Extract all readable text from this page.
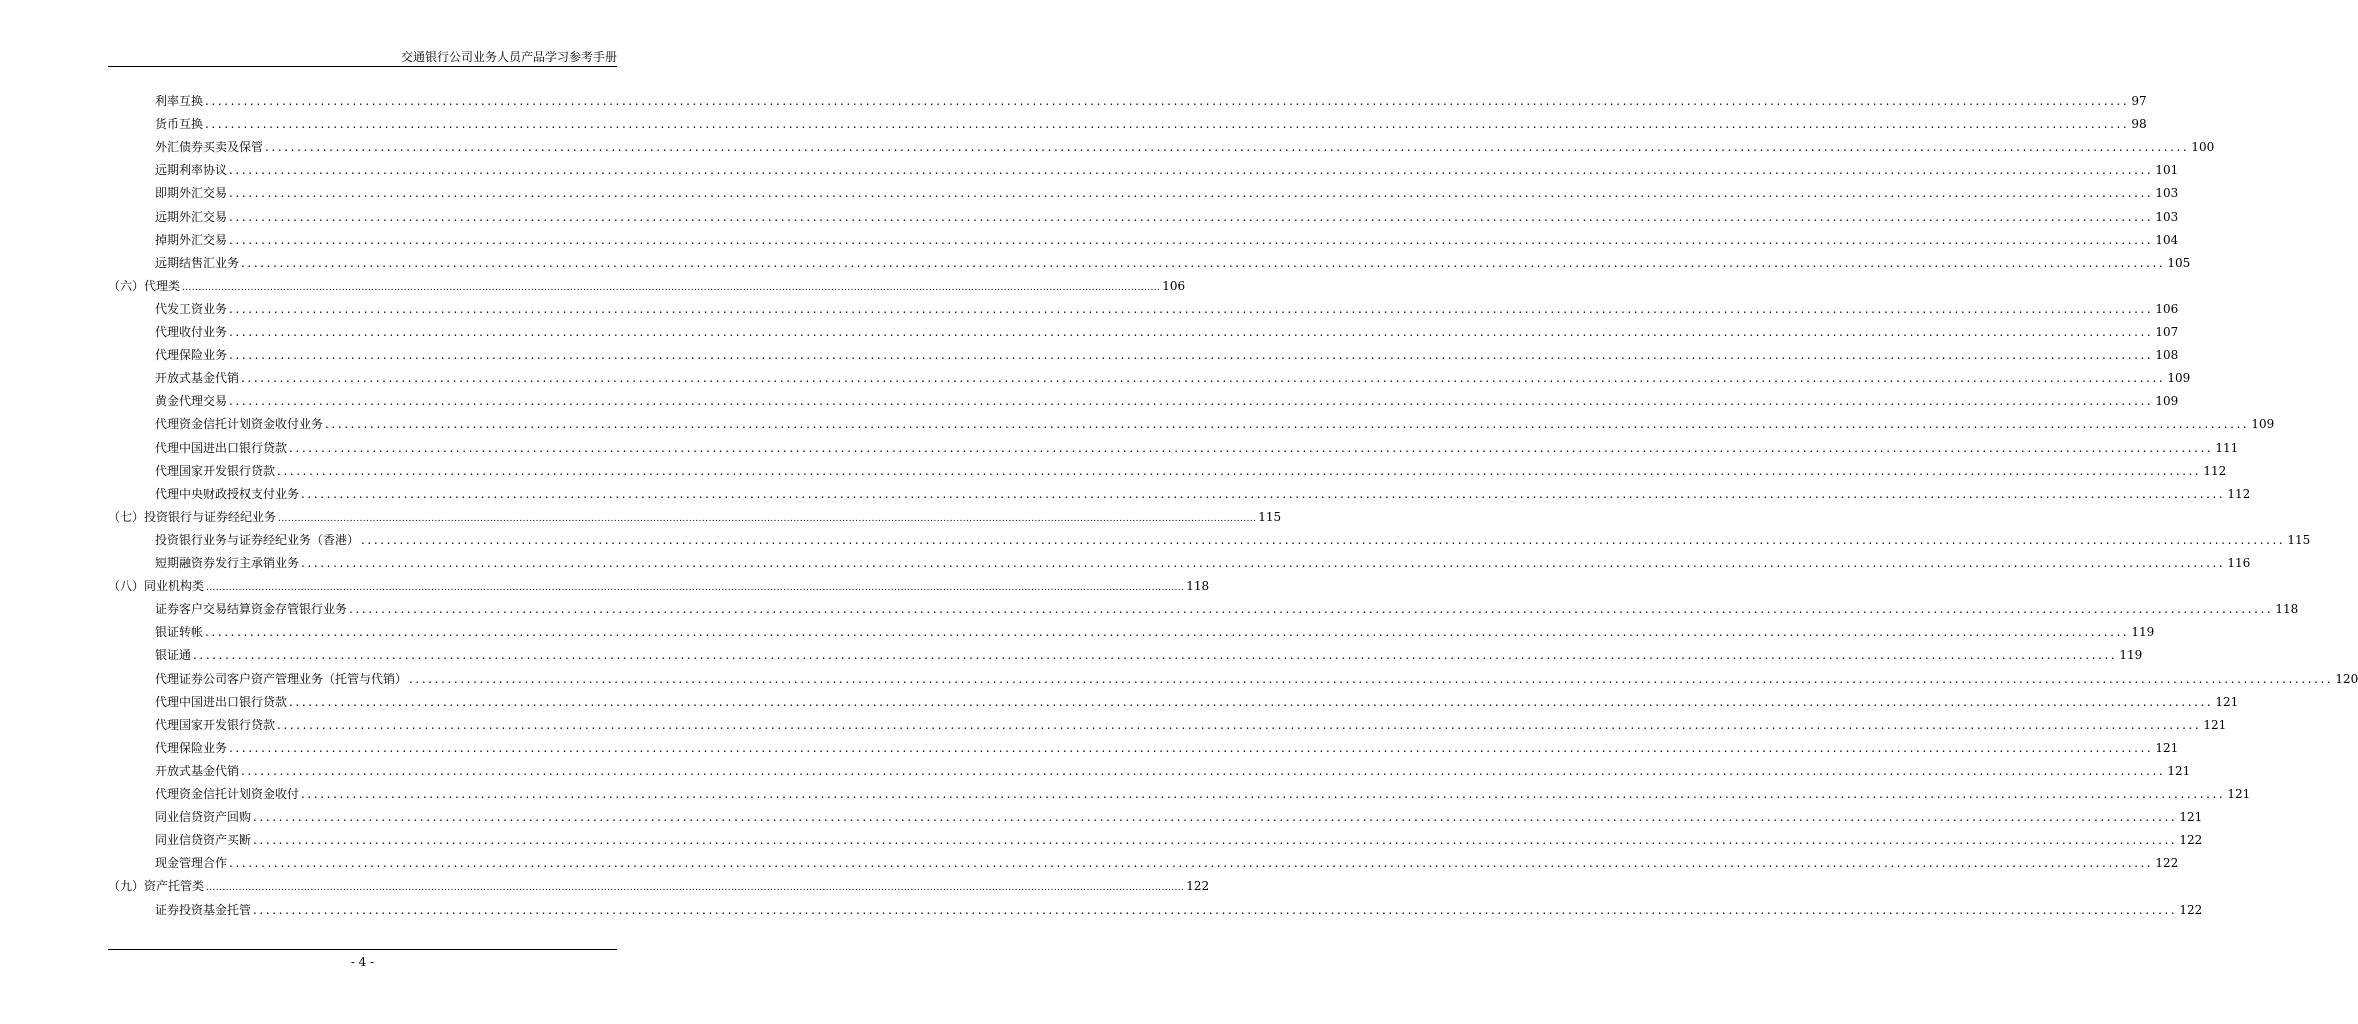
交通银行公司业务人员产品学习参考手册
利率互换 ............................................................................................................................................................................................................................................................................................................ 97
货币互换 ............................................................................................................................................................................................................................................................................................................ 98
外汇债券买卖及保管 ............................................................................................................................................................................................................................................................................................................ 100
远期利率协议 ............................................................................................................................................................................................................................................................................................................ 101
即期外汇交易 ............................................................................................................................................................................................................................................................................................................ 103
远期外汇交易 ............................................................................................................................................................................................................................................................................................................ 103
掉期外汇交易 ............................................................................................................................................................................................................................................................................................................ 104
远期结售汇业务 ............................................................................................................................................................................................................................................................................................................ 105
（六）代理类 ............................................................................................................................................................................................................................................................................................................ 106
代发工资业务 ............................................................................................................................................................................................................................................................................................................ 106
代理收付业务 ............................................................................................................................................................................................................................................................................................................ 107
代理保险业务 ............................................................................................................................................................................................................................................................................................................ 108
开放式基金代销 ............................................................................................................................................................................................................................................................................................................ 109
黄金代理交易 ............................................................................................................................................................................................................................................................................................................ 109
代理资金信托计划资金收付业务 ............................................................................................................................................................................................................................................................................................................ 109
代理中国进出口银行贷款 ............................................................................................................................................................................................................................................................................................................ 111
代理国家开发银行贷款 ............................................................................................................................................................................................................................................................................................................ 112
代理中央财政授权支付业务 ............................................................................................................................................................................................................................................................................................................ 112
（七）投资银行与证券经纪业务 ............................................................................................................................................................................................................................................................................................................ 115
投资银行业务与证券经纪业务（香港） ............................................................................................................................................................................................................................................................................................................ 115
短期融资券发行主承销业务 ............................................................................................................................................................................................................................................................................................................ 116
（八）同业机构类 ............................................................................................................................................................................................................................................................................................................ 118
证券客户交易结算资金存管银行业务 ............................................................................................................................................................................................................................................................................................................ 118
银证转帐 ............................................................................................................................................................................................................................................................................................................ 119
银证通 ............................................................................................................................................................................................................................................................................................................ 119
代理证券公司客户资产管理业务（托管与代销） ............................................................................................................................................................................................................................................................................................................ 120
代理中国进出口银行贷款 ............................................................................................................................................................................................................................................................................................................ 121
代理国家开发银行贷款 ............................................................................................................................................................................................................................................................................................................ 121
代理保险业务 ............................................................................................................................................................................................................................................................................................................ 121
开放式基金代销 ............................................................................................................................................................................................................................................................................................................ 121
代理资金信托计划资金收付 ............................................................................................................................................................................................................................................................................................................ 121
同业信贷资产回购 ............................................................................................................................................................................................................................................................................................................ 121
同业信贷资产买断 ............................................................................................................................................................................................................................................................................................................ 122
现金管理合作 ............................................................................................................................................................................................................................................................................................................ 122
（九）资产托管类 ............................................................................................................................................................................................................................................................................................................ 122
证券投资基金托管 ............................................................................................................................................................................................................................................................................................................ 122
- 4 -
